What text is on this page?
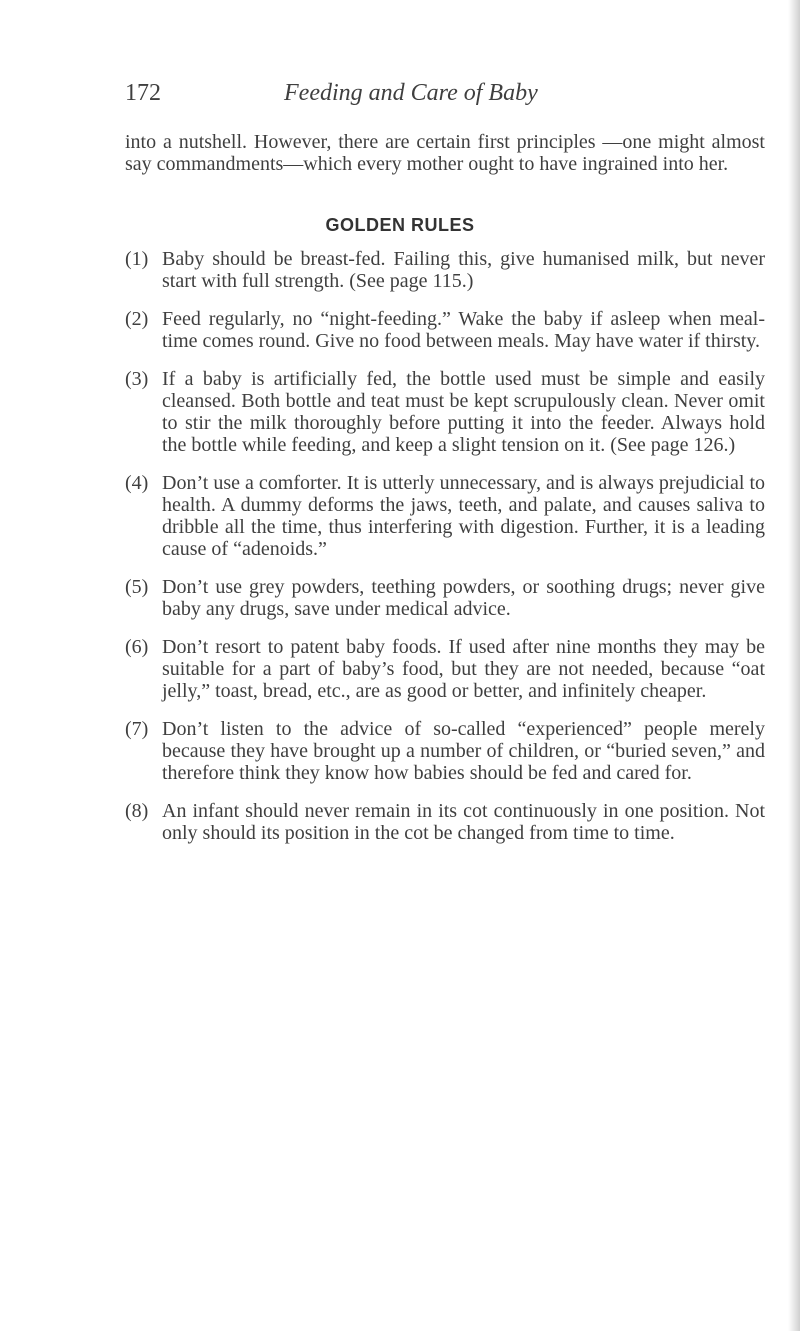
172	Feeding and Care of Baby

into a nutshell. However, there are certain first principles —one might almost say commandments—which every mother ought to have ingrained into her.

GOLDEN RULES
(1) Baby should be breast-fed. Failing this, give humanised milk, but never start with full strength. (See page 115.)
(2) Feed regularly, no “night-feeding.” Wake the baby if asleep when meal-time comes round. Give no food between meals. May have water if thirsty.
(3) If a baby is artificially fed, the bottle used must be simple and easily cleansed. Both bottle and teat must be kept scrupulously clean. Never omit to stir the milk thoroughly before putting it into the feeder. Always hold the bottle while feeding, and keep a slight tension on it. (See page 126.)
(4) Don’t use a comforter. It is utterly unnecessary, and is always prejudicial to health. A dummy deforms the jaws, teeth, and palate, and causes saliva to dribble all the time, thus interfering with digestion. Further, it is a leading cause of “adenoids.”
(5) Don’t use grey powders, teething powders, or soothing drugs; never give baby any drugs, save under medical advice.
(6) Don’t resort to patent baby foods. If used after nine months they may be suitable for a part of baby’s food, but they are not needed, because “oat jelly,” toast, bread, etc., are as good or better, and infinitely cheaper.
(7) Don’t listen to the advice of so-called “experienced” people merely because they have brought up a number of children, or “buried seven,” and therefore think they know how babies should be fed and cared for.
(8) An infant should never remain in its cot continuously in one position. Not only should its position in the cot be changed from time to time.
